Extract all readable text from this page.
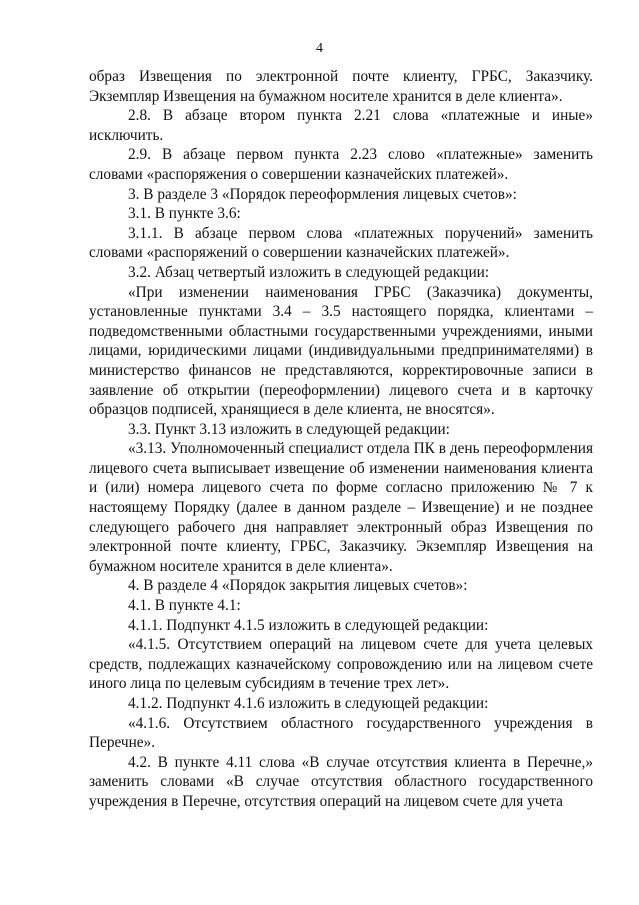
4

образ Извещения по электронной почте клиенту, ГРБС, Заказчику. Экземпляр Извещения на бумажном носителе хранится в деле клиента».

2.8. В абзаце втором пункта 2.21 слова «платежные и иные» исключить.

2.9. В абзаце первом пункта 2.23 слово «платежные» заменить словами «распоряжения о совершении казначейских платежей».

3. В разделе 3 «Порядок переоформления лицевых счетов»:

3.1. В пункте 3.6:

3.1.1. В абзаце первом слова «платежных поручений» заменить словами «распоряжений о совершении казначейских платежей».

3.2. Абзац четвертый изложить в следующей редакции:

«При изменении наименования ГРБС (Заказчика) документы, установленные пунктами 3.4 – 3.5 настоящего порядка, клиентами – подведомственными областными государственными учреждениями, иными лицами, юридическими лицами (индивидуальными предпринимателями) в министерство финансов не представляются, корректировочные записи в заявление об открытии (переоформлении) лицевого счета и в карточку образцов подписей, хранящиеся в деле клиента, не вносятся».

3.3. Пункт 3.13 изложить в следующей редакции:

«3.13. Уполномоченный специалист отдела ПК в день переоформления лицевого счета выписывает извещение об изменении наименования клиента и (или) номера лицевого счета по форме согласно приложению № 7 к настоящему Порядку (далее в данном разделе – Извещение) и не позднее следующего рабочего дня направляет электронный образ Извещения по электронной почте клиенту, ГРБС, Заказчику. Экземпляр Извещения на бумажном носителе хранится в деле клиента».

4. В разделе 4 «Порядок закрытия лицевых счетов»:

4.1. В пункте 4.1:

4.1.1. Подпункт 4.1.5 изложить в следующей редакции:

«4.1.5. Отсутствием операций на лицевом счете для учета целевых средств, подлежащих казначейскому сопровождению или на лицевом счете иного лица по целевым субсидиям в течение трех лет».

4.1.2. Подпункт 4.1.6 изложить в следующей редакции:

«4.1.6. Отсутствием областного государственного учреждения в Перечне».

4.2. В пункте 4.11 слова «В случае отсутствия клиента в Перечне,» заменить словами «В случае отсутствия областного государственного учреждения в Перечне, отсутствия операций на лицевом счете для учета
